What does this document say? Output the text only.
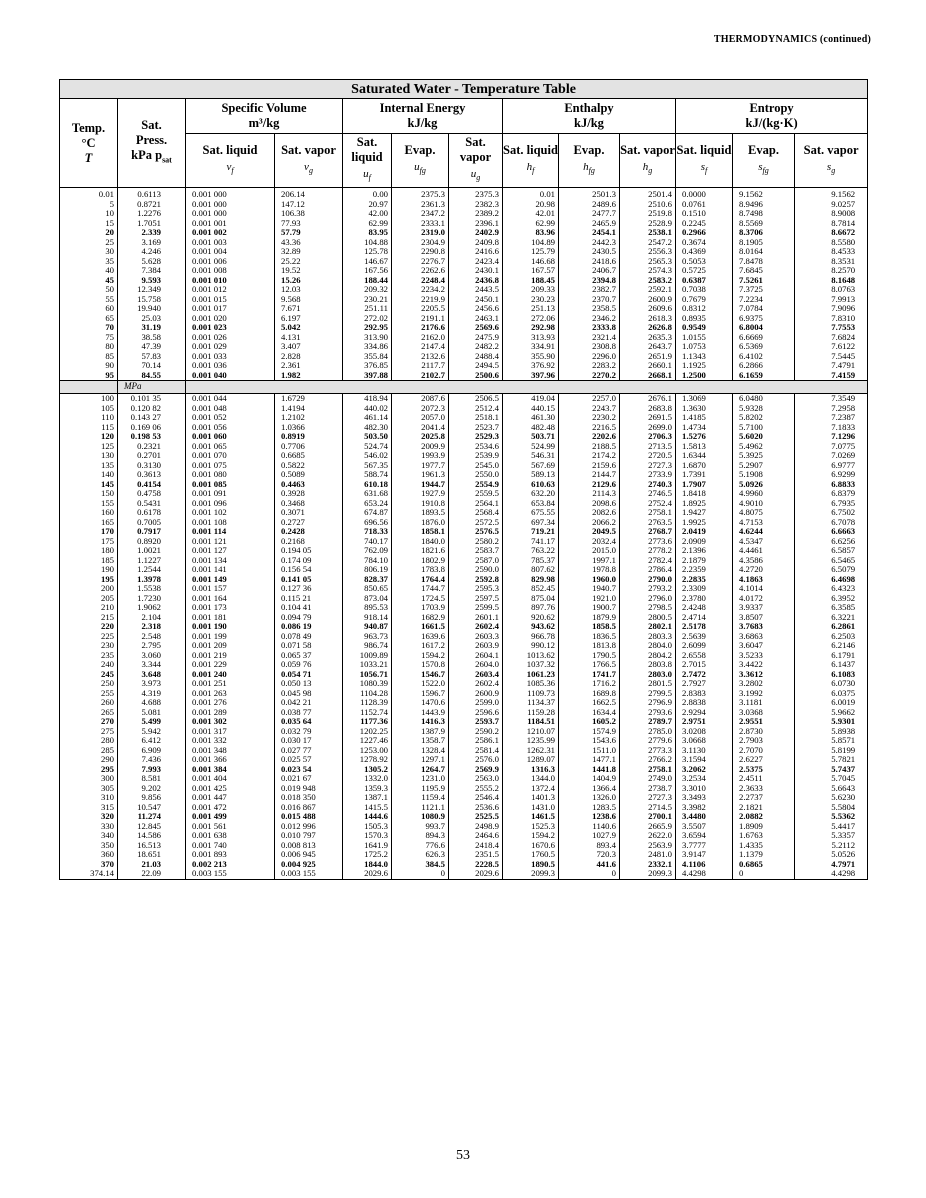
THERMODYNAMICS (continued)
Saturated Water - Temperature Table												
Temp.
°C
T	Sat.
Press.
kPa $p_{sat}$	Specific Volume
m³/kg		Internal Energy
kJ/kg			Enthalpy
kJ/kg			Entropy
kJ/(kg·K)		
		Sat. liquid
$v_f$	Sat. vapor
$v_g$	Sat. liquid
$u_f$	Evap.
$u_{fg}$	Sat. vapor
$u_g$	Sat. liquid
$h_f$	Evap.
$h_{fg}$	Sat. vapor
$h_g$	Sat. liquid
$s_f$	Evap.
$s_{fg}$	Sat. vapor
$s_g$

0.01	0.6113	0.001 000	206.14	0.00	2375.3	2375.3	0.01	2501.3	2501.4	0.0000	9.1562	9.1562
5	0.8721	0.001 000	147.12	20.97	2361.3	2382.3	20.98	2489.6	2510.6	0.0761	8.9496	9.0257
10	1.2276	0.001 000	106.38	42.00	2347.2	2389.2	42.01	2477.7	2519.8	0.1510	8.7498	8.9008
15	1.7051	0.001 001	77.93	62.99	2333.1	2396.1	62.99	2465.9	2528.9	0.2245	8.5569	8.7814
20	2.339	0.001 002	57.79	83.95	2319.0	2402.9	83.96	2454.1	2538.1	0.2966	8.3706	8.6672
25	3.169	0.001 003	43.36	104.88	2304.9	2409.8	104.89	2442.3	2547.2	0.3674	8.1905	8.5580
30	4.246	0.001 004	32.89	125.78	2290.8	2416.6	125.79	2430.5	2556.3	0.4369	8.0164	8.4533
35	5.628	0.001 006	25.22	146.67	2276.7	2423.4	146.68	2418.6	2565.3	0.5053	7.8478	8.3531
40	7.384	0.001 008	19.52	167.56	2262.6	2430.1	167.57	2406.7	2574.3	0.5725	7.6845	8.2570
45	9.593	0.001 010	15.26	188.44	2248.4	2436.8	188.45	2394.8	2583.2	0.6387	7.5261	8.1648
50	12.349	0.001 012	12.03	209.32	2234.2	2443.5	209.33	2382.7	2592.1	0.7038	7.3725	8.0763
55	15.758	0.001 015	9.568	230.21	2219.9	2450.1	230.23	2370.7	2600.9	0.7679	7.2234	7.9913
60	19.940	0.001 017	7.671	251.11	2205.5	2456.6	251.13	2358.5	2609.6	0.8312	7.0784	7.9096
65	25.03	0.001 020	6.197	272.02	2191.1	2463.1	272.06	2346.2	2618.3	0.8935	6.9375	7.8310
70	31.19	0.001 023	5.042	292.95	2176.6	2569.6	292.98	2333.8	2626.8	0.9549	6.8004	7.7553
75	38.58	0.001 026	4.131	313.90	2162.0	2475.9	313.93	2321.4	2635.3	1.0155	6.6669	7.6824
80	47.39	0.001 029	3.407	334.86	2147.4	2482.2	334.91	2308.8	2643.7	1.0753	6.5369	7.6122
85	57.83	0.001 033	2.828	355.84	2132.6	2488.4	355.90	2296.0	2651.9	1.1343	6.4102	7.5445
90	70.14	0.001 036	2.361	376.85	2117.7	2494.5	376.92	2283.2	2660.1	1.1925	6.2866	7.4791
95	84.55	0.001 040	1.982	397.88	2102.7	2500.6	397.96	2270.2	2668.1	1.2500	6.1659	7.4159
	MPa											
100	0.101 35	0.001 044	1.6729	418.94	2087.6	2506.5	419.04	2257.0	2676.1	1.3069	6.0480	7.3549
105	0.120 82	0.001 048	1.4194	440.02	2072.3	2512.4	440.15	2243.7	2683.8	1.3630	5.9328	7.2958
110	0.143 27	0.001 052	1.2102	461.14	2057.0	2518.1	461.30	2230.2	2691.5	1.4185	5.8202	7.2387
115	0.169 06	0.001 056	1.0366	482.30	2041.4	2523.7	482.48	2216.5	2699.0	1.4734	5.7100	7.1833
120	0.198 53	0.001 060	0.8919	503.50	2025.8	2529.3	503.71	2202.6	2706.3	1.5276	5.6020	7.1296
125	0.2321	0.001 065	0.7706	524.74	2009.9	2534.6	524.99	2188.5	2713.5	1.5813	5.4962	7.0775
130	0.2701	0.001 070	0.6685	546.02	1993.9	2539.9	546.31	2174.2	2720.5	1.6344	5.3925	7.0269
135	0.3130	0.001 075	0.5822	567.35	1977.7	2545.0	567.69	2159.6	2727.3	1.6870	5.2907	6.9777
140	0.3613	0.001 080	0.5089	588.74	1961.3	2550.0	589.13	2144.7	2733.9	1.7391	5.1908	6.9299
145	0.4154	0.001 085	0.4463	610.18	1944.7	2554.9	610.63	2129.6	2740.3	1.7907	5.0926	6.8833
150	0.4758	0.001 091	0.3928	631.68	1927.9	2559.5	632.20	2114.3	2746.5	1.8418	4.9960	6.8379
155	0.5431	0.001 096	0.3468	653.24	1910.8	2564.1	653.84	2098.6	2752.4	1.8925	4.9010	6.7935
160	0.6178	0.001 102	0.3071	674.87	1893.5	2568.4	675.55	2082.6	2758.1	1.9427	4.8075	6.7502
165	0.7005	0.001 108	0.2727	696.56	1876.0	2572.5	697.34	2066.2	2763.5	1.9925	4.7153	6.7078
170	0.7917	0.001 114	0.2428	718.33	1858.1	2576.5	719.21	2049.5	2768.7	2.0419	4.6244	6.6663
175	0.8920	0.001 121	0.2168	740.17	1840.0	2580.2	741.17	2032.4	2773.6	2.0909	4.5347	6.6256
180	1.0021	0.001 127	0.194 05	762.09	1821.6	2583.7	763.22	2015.0	2778.2	2.1396	4.4461	6.5857
185	1.1227	0.001 134	0.174 09	784.10	1802.9	2587.0	785.37	1997.1	2782.4	2.1879	4.3586	6.5465
190	1.2544	0.001 141	0.156 54	806.19	1783.8	2590.0	807.62	1978.8	2786.4	2.2359	4.2720	6.5079
195	1.3978	0.001 149	0.141 05	828.37	1764.4	2592.8	829.98	1960.0	2790.0	2.2835	4.1863	6.4698
200	1.5538	0.001 157	0.127 36	850.65	1744.7	2595.3	852.45	1940.7	2793.2	2.3309	4.1014	6.4323
205	1.7230	0.001 164	0.115 21	873.04	1724.5	2597.5	875.04	1921.0	2796.0	2.3780	4.0172	6.3952
210	1.9062	0.001 173	0.104 41	895.53	1703.9	2599.5	897.76	1900.7	2798.5	2.4248	3.9337	6.3585
215	2.104	0.001 181	0.094 79	918.14	1682.9	2601.1	920.62	1879.9	2800.5	2.4714	3.8507	6.3221
220	2.318	0.001 190	0.086 19	940.87	1661.5	2602.4	943.62	1858.5	2802.1	2.5178	3.7683	6.2861
225	2.548	0.001 199	0.078 49	963.73	1639.6	2603.3	966.78	1836.5	2803.3	2.5639	3.6863	6.2503
230	2.795	0.001 209	0.071 58	986.74	1617.2	2603.9	990.12	1813.8	2804.0	2.6099	3.6047	6.2146
235	3.060	0.001 219	0.065 37	1009.89	1594.2	2604.1	1013.62	1790.5	2804.2	2.6558	3.5233	6.1791
240	3.344	0.001 229	0.059 76	1033.21	1570.8	2604.0	1037.32	1766.5	2803.8	2.7015	3.4422	6.1437
245	3.648	0.001 240	0.054 71	1056.71	1546.7	2603.4	1061.23	1741.7	2803.0	2.7472	3.3612	6.1083
250	3.973	0.001 251	0.050 13	1080.39	1522.0	2602.4	1085.36	1716.2	2801.5	2.7927	3.2802	6.0730
255	4.319	0.001 263	0.045 98	1104.28	1596.7	2600.9	1109.73	1689.8	2799.5	2.8383	3.1992	6.0375
260	4.688	0.001 276	0.042 21	1128.39	1470.6	2599.0	1134.37	1662.5	2796.9	2.8838	3.1181	6.0019
265	5.081	0.001 289	0.038 77	1152.74	1443.9	2596.6	1159.28	1634.4	2793.6	2.9294	3.0368	5.9662
270	5.499	0.001 302	0.035 64	1177.36	1416.3	2593.7	1184.51	1605.2	2789.7	2.9751	2.9551	5.9301
275	5.942	0.001 317	0.032 79	1202.25	1387.9	2590.2	1210.07	1574.9	2785.0	3.0208	2.8730	5.8938
280	6.412	0.001 332	0.030 17	1227.46	1358.7	2586.1	1235.99	1543.6	2779.6	3.0668	2.7903	5.8571
285	6.909	0.001 348	0.027 77	1253.00	1328.4	2581.4	1262.31	1511.0	2773.3	3.1130	2.7070	5.8199
290	7.436	0.001 366	0.025 57	1278.92	1297.1	2576.0	1289.07	1477.1	2766.2	3.1594	2.6227	5.7821
295	7.993	0.001 384	0.023 54	1305.2	1264.7	2569.9	1316.3	1441.8	2758.1	3.2062	2.5375	5.7437
300	8.581	0.001 404	0.021 67	1332.0	1231.0	2563.0	1344.0	1404.9	2749.0	3.2534	2.4511	5.7045
305	9.202	0.001 425	0.019 948	1359.3	1195.9	2555.2	1372.4	1366.4	2738.7	3.3010	2.3633	5.6643
310	9.856	0.001 447	0.018 350	1387.1	1159.4	2546.4	1401.3	1326.0	2727.3	3.3493	2.2737	5.6230
315	10.547	0.001 472	0.016 867	1415.5	1121.1	2536.6	1431.0	1283.5	2714.5	3.3982	2.1821	5.5804
320	11.274	0.001 499	0.015 488	1444.6	1080.9	2525.5	1461.5	1238.6	2700.1	3.4480	2.0882	5.5362
330	12.845	0.001 561	0.012 996	1505.3	993.7	2498.9	1525.3	1140.6	2665.9	3.5507	1.8909	5.4417
340	14.586	0.001 638	0.010 797	1570.3	894.3	2464.6	1594.2	1027.9	2622.0	3.6594	1.6763	5.3357
350	16.513	0.001 740	0.008 813	1641.9	776.6	2418.4	1670.6	893.4	2563.9	3.7777	1.4335	5.2112
360	18.651	0.001 893	0.006 945	1725.2	626.3	2351.5	1760.5	720.3	2481.0	3.9147	1.1379	5.0526
370	21.03	0.002 213	0.004 925	1844.0	384.5	2228.5	1890.5	441.6	2332.1	4.1106	0.6865	4.7971
374.14	22.09	0.003 155	0.003 155	2029.6	0	2029.6	2099.3	0	2099.3	4.4298	0	4.4298
53
